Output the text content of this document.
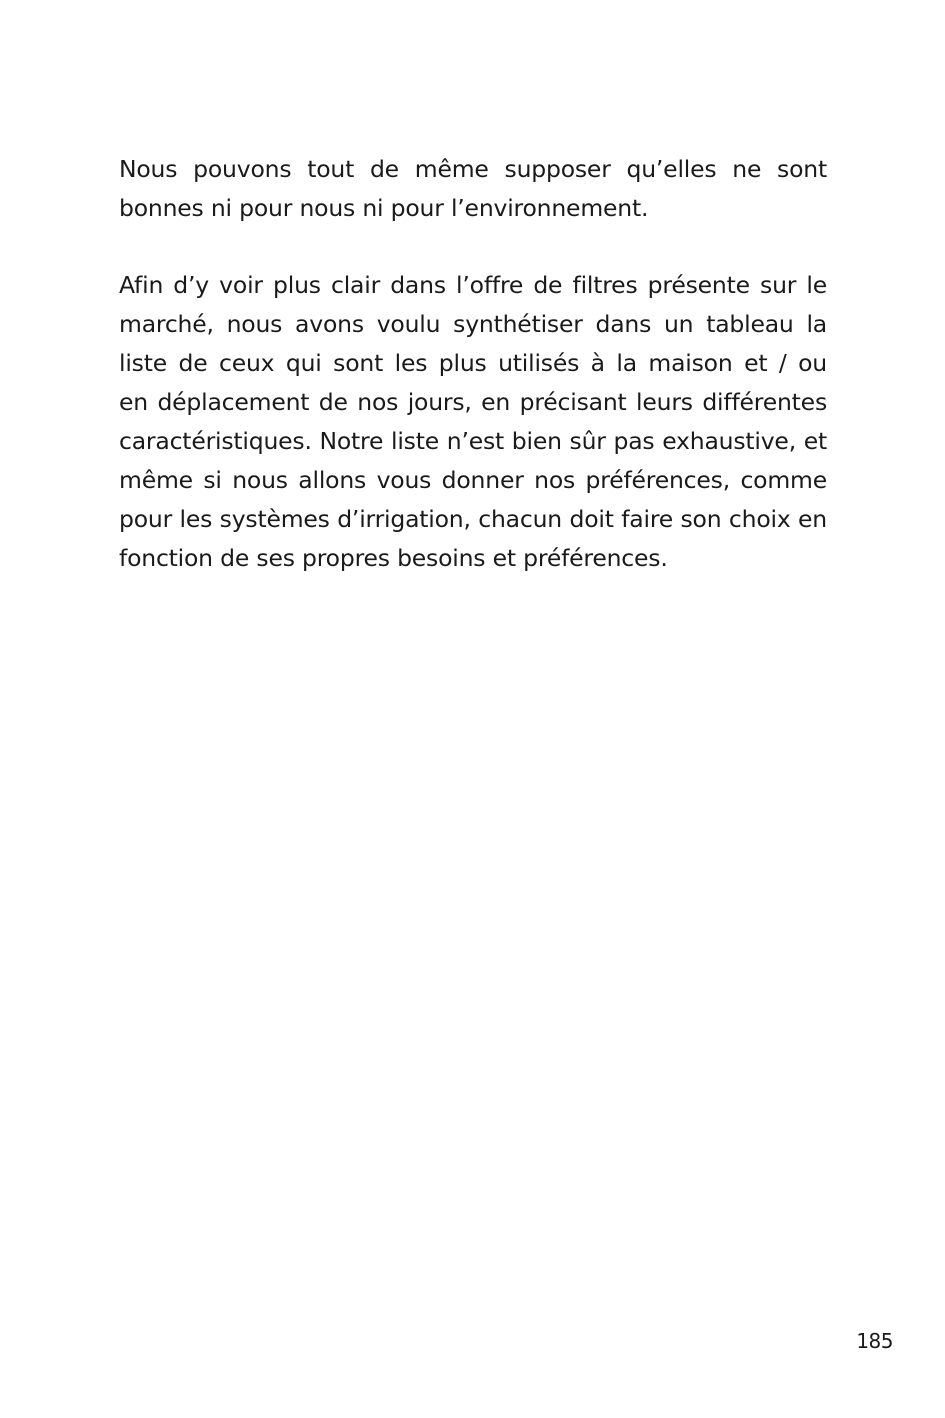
Nous pouvons tout de même supposer qu’elles ne sont
bonnes ni pour nous ni pour l’environnement.

Afin d’y voir plus clair dans l’offre de filtres présente sur le
marché, nous avons voulu synthétiser dans un tableau la
liste de ceux qui sont les plus utilisés à la maison et / ou
en déplacement de nos jours, en précisant leurs différentes
caractéristiques. Notre liste n’est bien sûr pas exhaustive, et
même si nous allons vous donner nos préférences, comme
pour les systèmes d’irrigation, chacun doit faire son choix en
fonction de ses propres besoins et préférences.

185
